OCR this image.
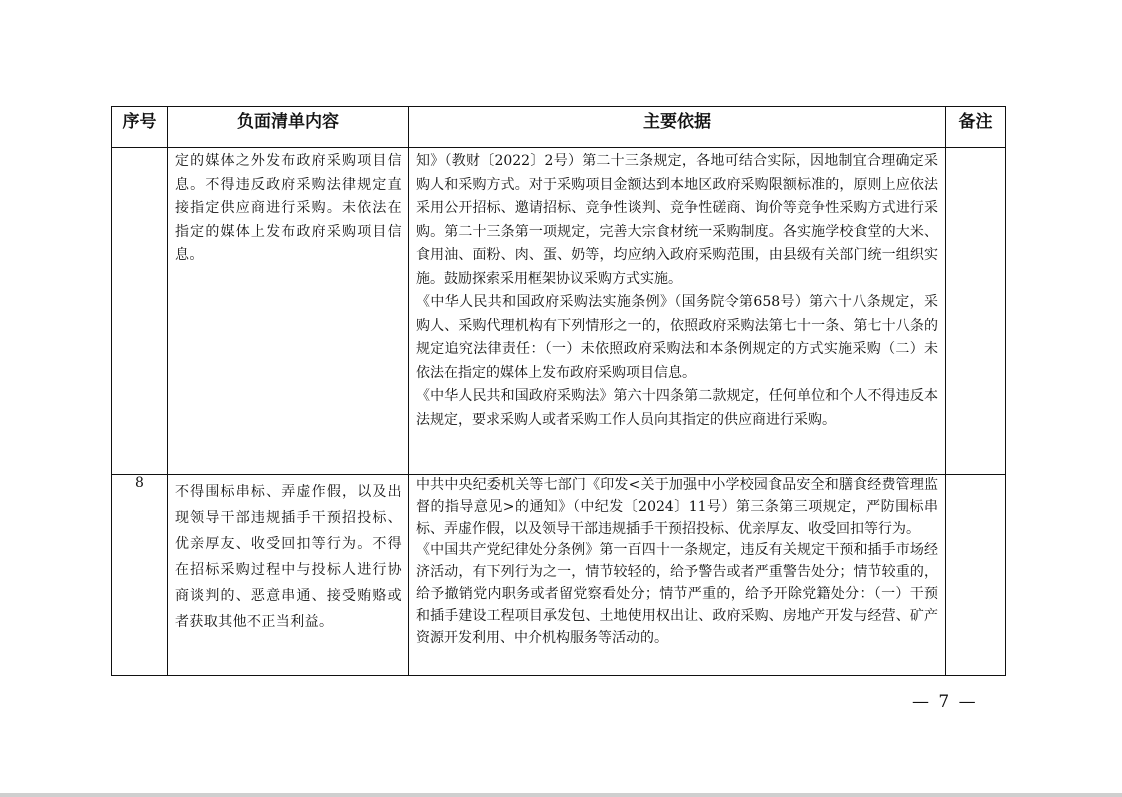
序号	负面清单内容	主要依据	备注

	定的媒体之外发布政府采购项目信息。不得违反政府采购法律规定直接指定供应商进行采购。未依法在指定的媒体上发布政府采购项目信息。	知》（教财〔2022〕2号）第二十三条规定，各地可结合实际，因地制宜合理确定采购人和采购方式。对于采购项目金额达到本地区政府采购限额标准的，原则上应依法采用公开招标、邀请招标、竞争性谈判、竞争性磋商、询价等竞争性采购方式进行采购。第二十三条第一项规定，完善大宗食材统一采购制度。各实施学校食堂的大米、食用油、面粉、肉、蛋、奶等，均应纳入政府采购范围，由县级有关部门统一组织实施。鼓励探索采用框架协议采购方式实施。
《中华人民共和国政府采购法实施条例》（国务院令第658号）第六十八条规定，采购人、采购代理机构有下列情形之一的，依照政府采购法第七十一条、第七十八条的规定追究法律责任：（一）未依照政府采购法和本条例规定的方式实施采购（二）未依法在指定的媒体上发布政府采购项目信息。
《中华人民共和国政府采购法》第六十四条第二款规定，任何单位和个人不得违反本法规定，要求采购人或者采购工作人员向其指定的供应商进行采购。	

8	不得围标串标、弄虚作假，以及出现领导干部违规插手干预招投标、优亲厚友、收受回扣等行为。不得在招标采购过程中与投标人进行协商谈判的、恶意串通、接受贿赂或者获取其他不正当利益。	中共中央纪委机关等七部门《印发<关于加强中小学校园食品安全和膳食经费管理监督的指导意见>的通知》（中纪发〔2024〕11号）第三条第三项规定，严防围标串标、弄虚作假，以及领导干部违规插手干预招投标、优亲厚友、收受回扣等行为。
《中国共产党纪律处分条例》第一百四十一条规定，违反有关规定干预和插手市场经济活动，有下列行为之一，情节较轻的，给予警告或者严重警告处分；情节较重的，给予撤销党内职务或者留党察看处分；情节严重的，给予开除党籍处分：（一）干预和插手建设工程项目承发包、土地使用权出让、政府采购、房地产开发与经营、矿产资源开发利用、中介机构服务等活动的。	

— 7 —
